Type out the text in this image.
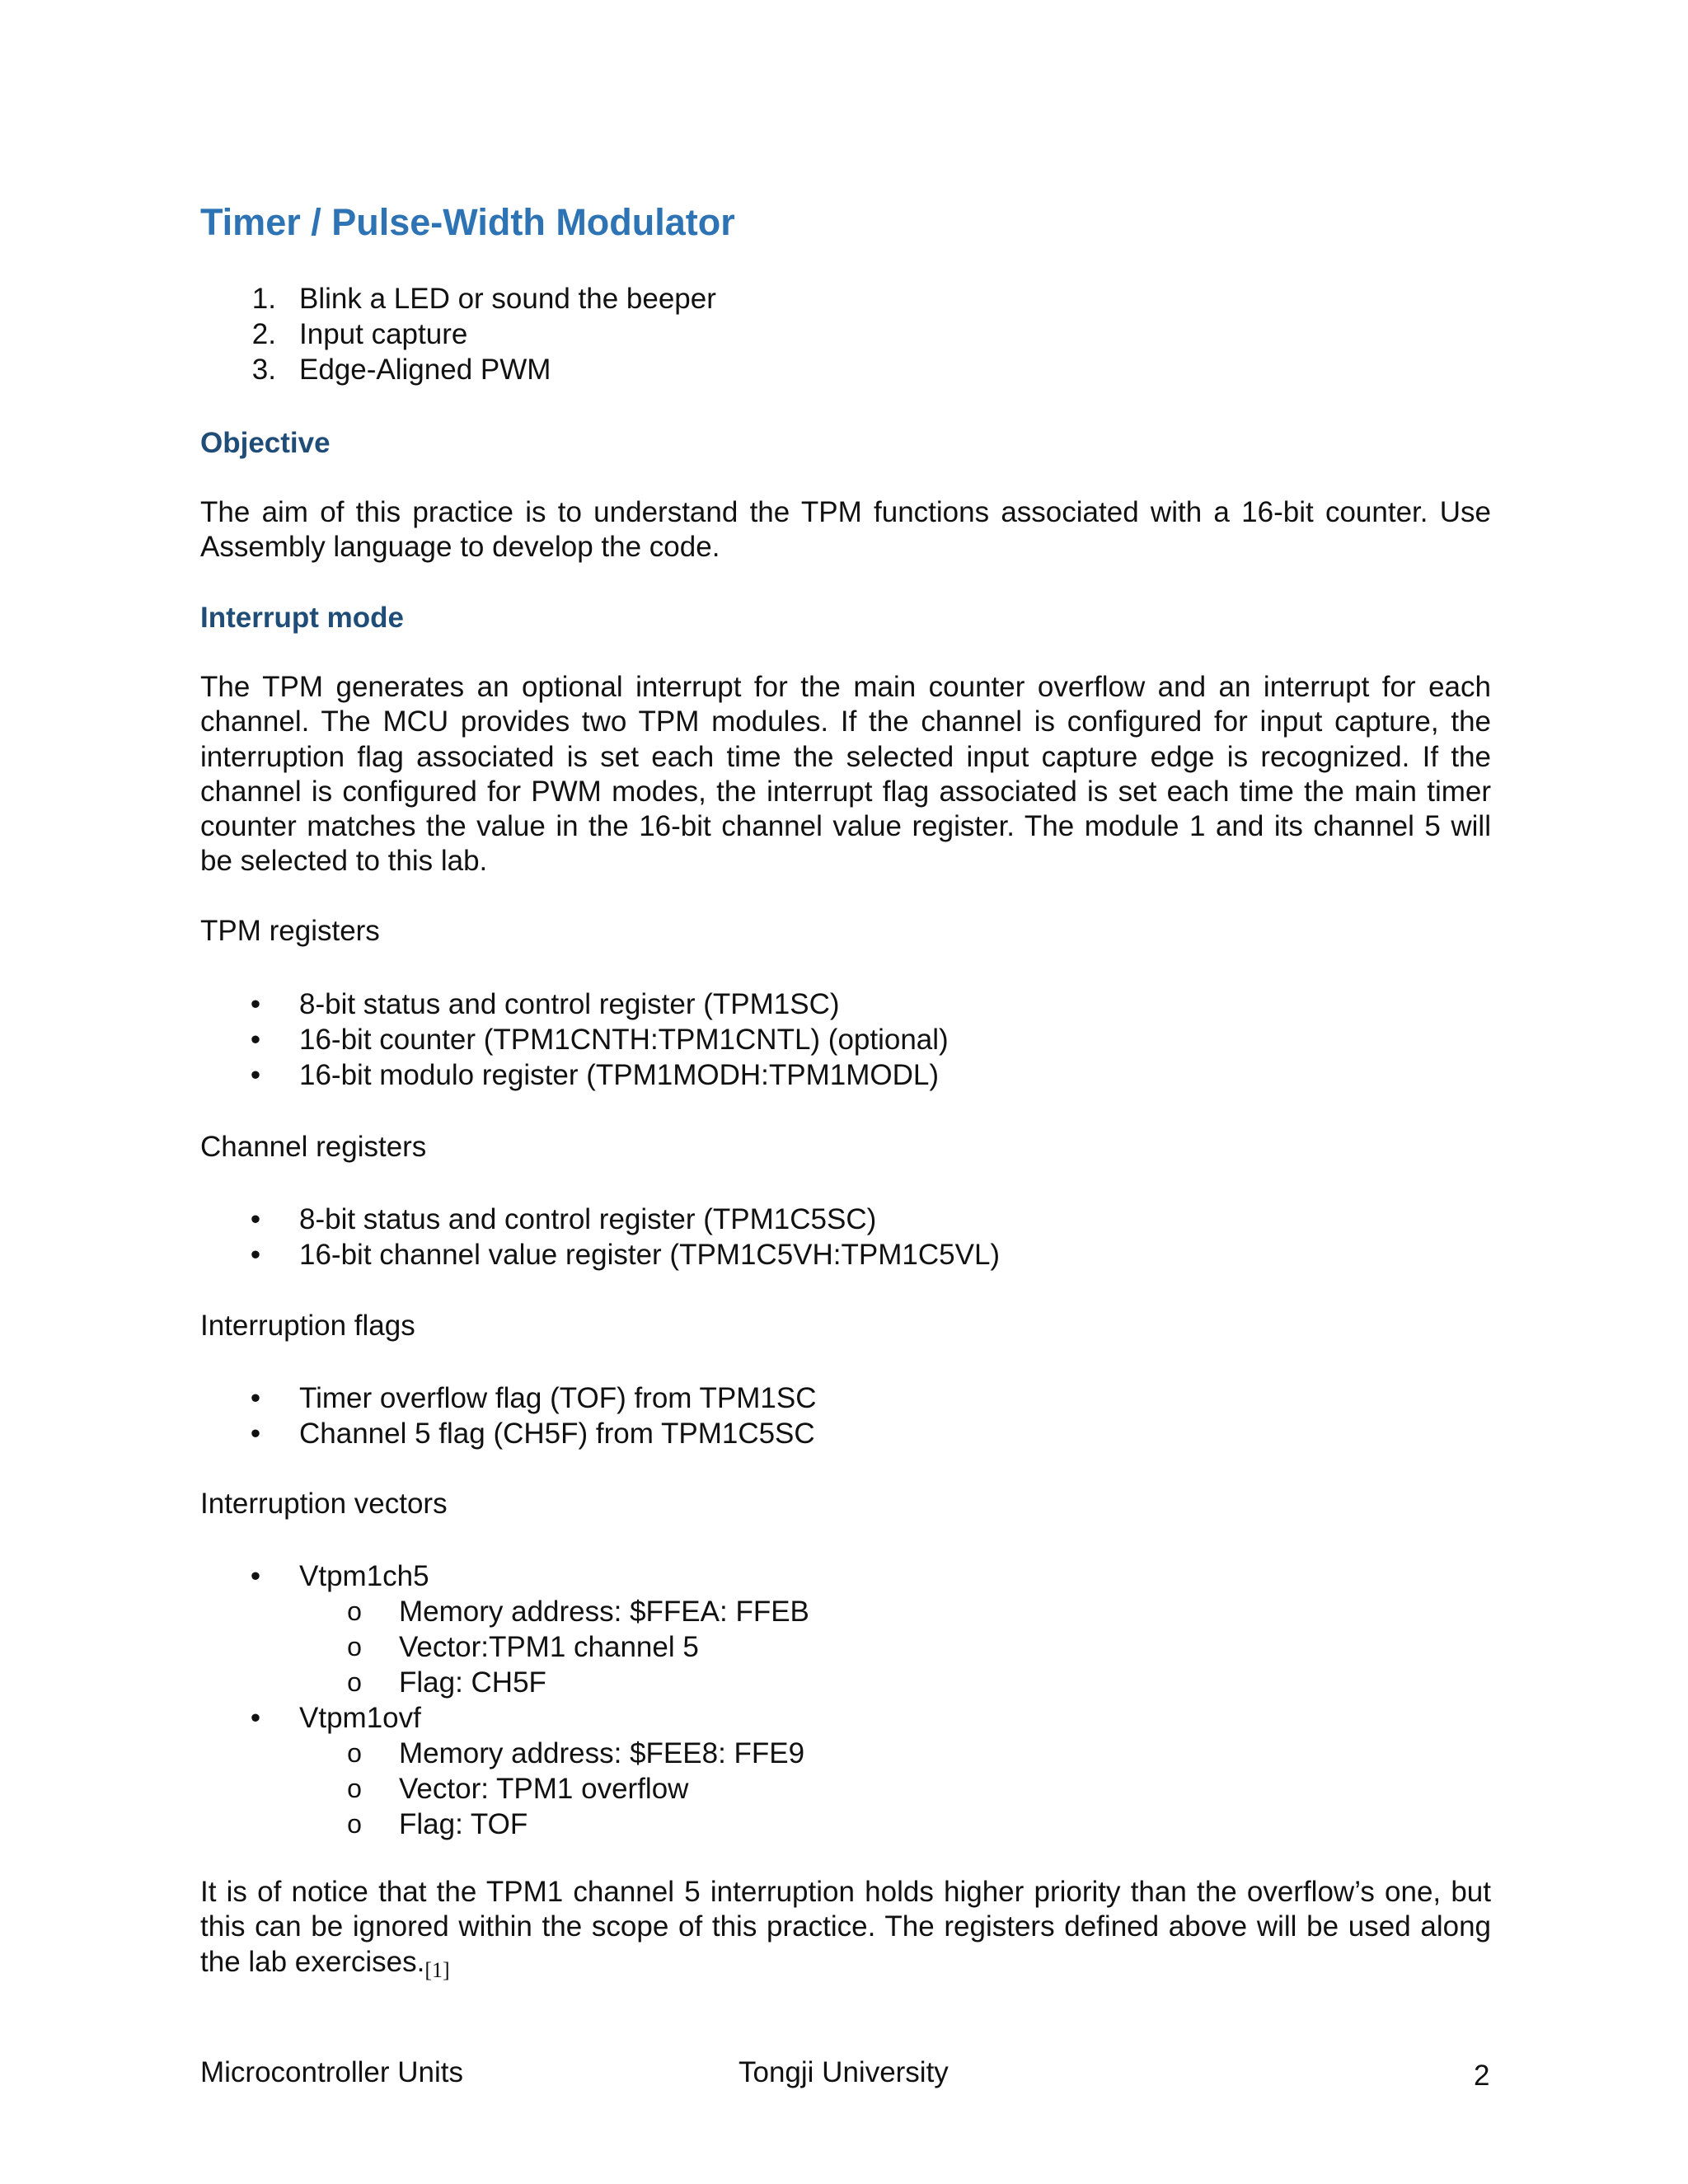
Timer / Pulse-Width Modulator
1. Blink a LED or sound the beeper
2. Input capture
3. Edge-Aligned PWM
Objective

The aim of this practice is to understand the TPM functions associated with a 16-bit counter. Use Assembly language to develop the code.

Interrupt mode

The TPM generates an optional interrupt for the main counter overflow and an interrupt for each channel. The MCU provides two TPM modules. If the channel is configured for input capture, the interruption flag associated is set each time the selected input capture edge is recognized. If the channel is configured for PWM modes, the interrupt flag associated is set each time the main timer counter matches the value in the 16-bit channel value register. The module 1 and its channel 5 will be selected to this lab.

TPM registers

• 8-bit status and control register (TPM1SC)
• 16-bit counter (TPM1CNTH:TPM1CNTL) (optional)
• 16-bit modulo register (TPM1MODH:TPM1MODL)

Channel registers

• 8-bit status and control register (TPM1C5SC)
• 16-bit channel value register (TPM1C5VH:TPM1C5VL)

Interruption flags

• Timer overflow flag (TOF) from TPM1SC
• Channel 5 flag (CH5F) from TPM1C5SC

Interruption vectors

• Vtpm1ch5
o Memory address: $FFEA: FFEB
o Vector:TPM1 channel 5
o Flag: CH5F
• Vtpm1ovf
o Memory address: $FEE8: FFE9
o Vector: TPM1 overflow
o Flag: TOF

It is of notice that the TPM1 channel 5 interruption holds higher priority than the overflow’s one, but this can be ignored within the scope of this practice. The registers defined above will be used along the lab $exercises._{[1]}$

Microcontroller Units	Tongji University	2
